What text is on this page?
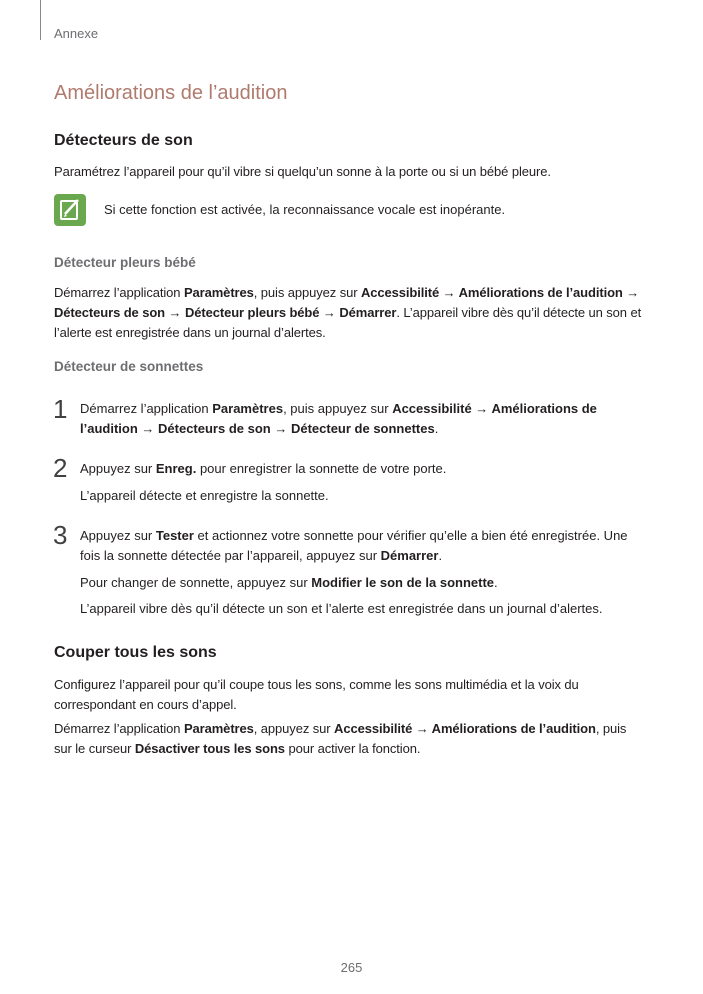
Annexe
Améliorations de l’audition
Détecteurs de son

Paramétrez l’appareil pour qu’il vibre si quelqu’un sonne à la porte ou si un bébé pleure.

Si cette fonction est activée, la reconnaissance vocale est inopérante.
Détecteur pleurs bébé

Démarrez l’application Paramètres, puis appuyez sur Accessibilité → Améliorations de l’audition → Détecteurs de son → Détecteur pleurs bébé → Démarrer. L’appareil vibre dès qu’il détecte un son et l’alerte est enregistrée dans un journal d’alertes.

Détecteur de sonnettes
1 Démarrez l’application Paramètres, puis appuyez sur Accessibilité → Améliorations de l’audition → Détecteurs de son → Détecteur de sonnettes.

2 Appuyez sur Enreg. pour enregistrer la sonnette de votre porte.

L’appareil détecte et enregistre la sonnette.

3 Appuyez sur Tester et actionnez votre sonnette pour vérifier qu’elle a bien été enregistrée. Une fois la sonnette détectée par l’appareil, appuyez sur Démarrer.

Pour changer de sonnette, appuyez sur Modifier le son de la sonnette.

L’appareil vibre dès qu’il détecte un son et l’alerte est enregistrée dans un journal d’alertes.

Couper tous les sons

Configurez l’appareil pour qu’il coupe tous les sons, comme les sons multimédia et la voix du correspondant en cours d’appel.

Démarrez l’application Paramètres, appuyez sur Accessibilité → Améliorations de l’audition, puis sur le curseur Désactiver tous les sons pour activer la fonction.

265
